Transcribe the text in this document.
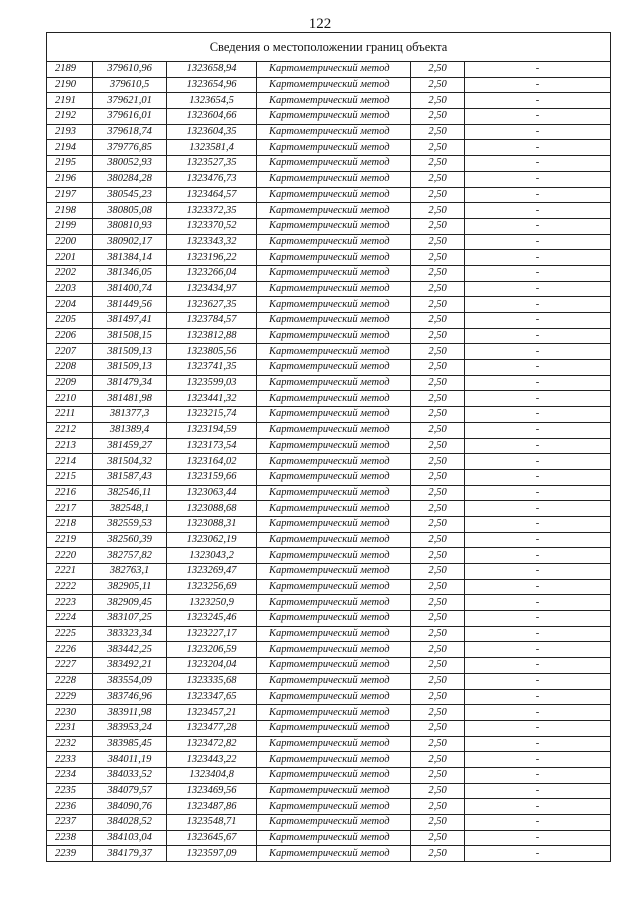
122
Сведения о местоположении границ объекта					
2189	379610,96	1323658,94	Картометрический метод	2,50	-
2190	379610,5	1323654,96	Картометрический метод	2,50	-
2191	379621,01	1323654,5	Картометрический метод	2,50	-
2192	379616,01	1323604,66	Картометрический метод	2,50	-
2193	379618,74	1323604,35	Картометрический метод	2,50	-
2194	379776,85	1323581,4	Картометрический метод	2,50	-
2195	380052,93	1323527,35	Картометрический метод	2,50	-
2196	380284,28	1323476,73	Картометрический метод	2,50	-
2197	380545,23	1323464,57	Картометрический метод	2,50	-
2198	380805,08	1323372,35	Картометрический метод	2,50	-
2199	380810,93	1323370,52	Картометрический метод	2,50	-
2200	380902,17	1323343,32	Картометрический метод	2,50	-
2201	381384,14	1323196,22	Картометрический метод	2,50	-
2202	381346,05	1323266,04	Картометрический метод	2,50	-
2203	381400,74	1323434,97	Картометрический метод	2,50	-
2204	381449,56	1323627,35	Картометрический метод	2,50	-
2205	381497,41	1323784,57	Картометрический метод	2,50	-
2206	381508,15	1323812,88	Картометрический метод	2,50	-
2207	381509,13	1323805,56	Картометрический метод	2,50	-
2208	381509,13	1323741,35	Картометрический метод	2,50	-
2209	381479,34	1323599,03	Картометрический метод	2,50	-
2210	381481,98	1323441,32	Картометрический метод	2,50	-
2211	381377,3	1323215,74	Картометрический метод	2,50	-
2212	381389,4	1323194,59	Картометрический метод	2,50	-
2213	381459,27	1323173,54	Картометрический метод	2,50	-
2214	381504,32	1323164,02	Картометрический метод	2,50	-
2215	381587,43	1323159,66	Картометрический метод	2,50	-
2216	382546,11	1323063,44	Картометрический метод	2,50	-
2217	382548,1	1323088,68	Картометрический метод	2,50	-
2218	382559,53	1323088,31	Картометрический метод	2,50	-
2219	382560,39	1323062,19	Картометрический метод	2,50	-
2220	382757,82	1323043,2	Картометрический метод	2,50	-
2221	382763,1	1323269,47	Картометрический метод	2,50	-
2222	382905,11	1323256,69	Картометрический метод	2,50	-
2223	382909,45	1323250,9	Картометрический метод	2,50	-
2224	383107,25	1323245,46	Картометрический метод	2,50	-
2225	383323,34	1323227,17	Картометрический метод	2,50	-
2226	383442,25	1323206,59	Картометрический метод	2,50	-
2227	383492,21	1323204,04	Картометрический метод	2,50	-
2228	383554,09	1323335,68	Картометрический метод	2,50	-
2229	383746,96	1323347,65	Картометрический метод	2,50	-
2230	383911,98	1323457,21	Картометрический метод	2,50	-
2231	383953,24	1323477,28	Картометрический метод	2,50	-
2232	383985,45	1323472,82	Картометрический метод	2,50	-
2233	384011,19	1323443,22	Картометрический метод	2,50	-
2234	384033,52	1323404,8	Картометрический метод	2,50	-
2235	384079,57	1323469,56	Картометрический метод	2,50	-
2236	384090,76	1323487,86	Картометрический метод	2,50	-
2237	384028,52	1323548,71	Картометрический метод	2,50	-
2238	384103,04	1323645,67	Картометрический метод	2,50	-
2239	384179,37	1323597,09	Картометрический метод	2,50	-
